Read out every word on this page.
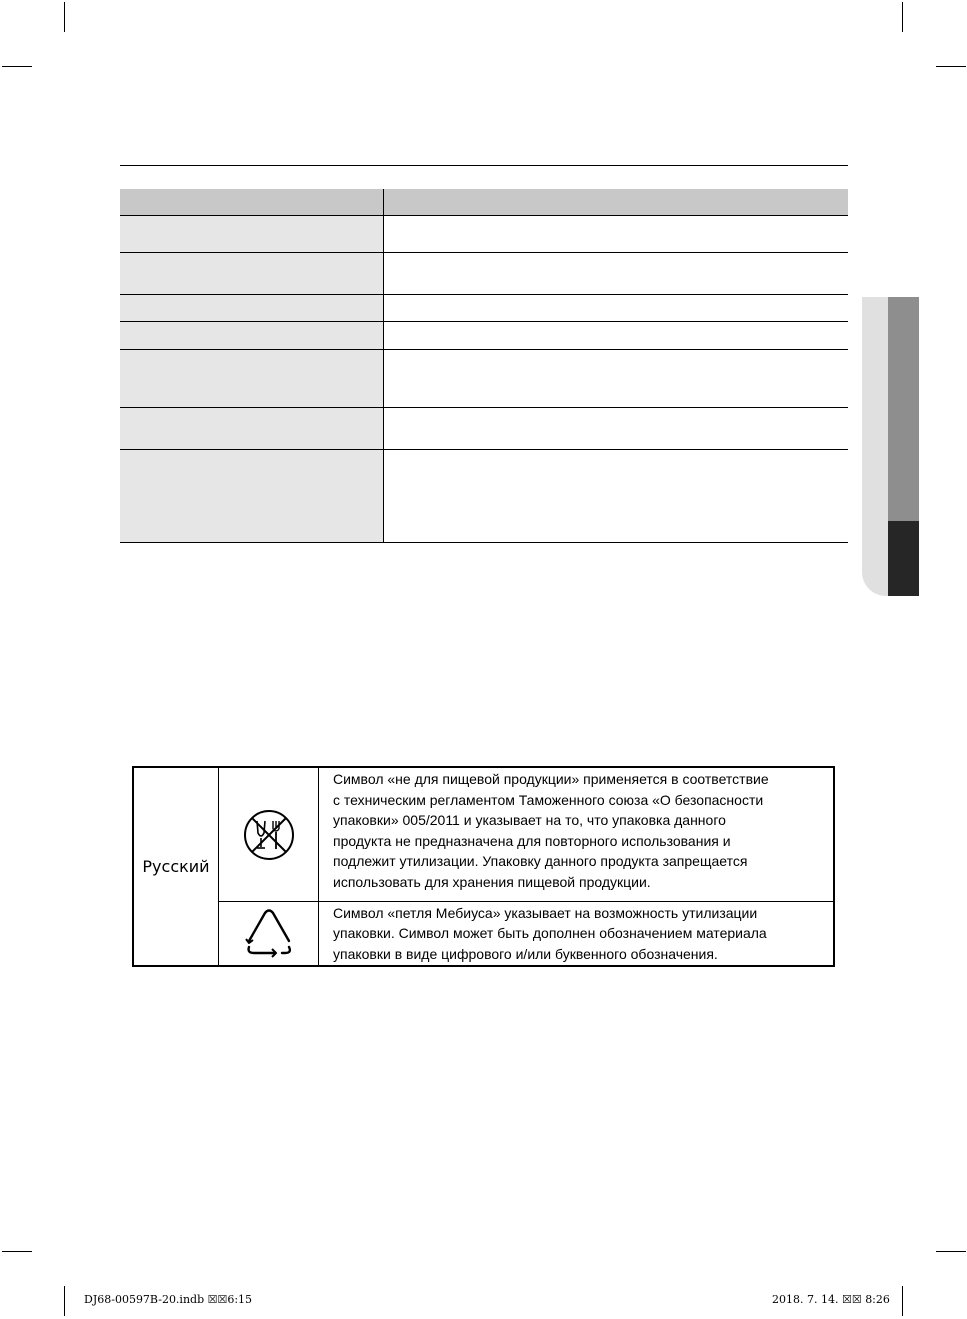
Русский
Символ «не для пищевой продукции» применяется в соответствие
с техническим регламентом Таможенного союза «О безопасности
упаковки» 005/2011 и указывает на то, что упаковка данного
продукта не предназначена для повторного использования и
подлежит утилизации. Упаковку данного продукта запрещается
использовать для хранения пищевой продукции.
Символ «петля Мебиуса» указывает на возможность утилизации
упаковки. Символ может быть дополнен обозначением материала
упаковки в виде цифрового и/или буквенного обозначения.
DJ68-00597B-20.indb ☒☒6:15	2018. 7. 14. ☒☒ 8:26
